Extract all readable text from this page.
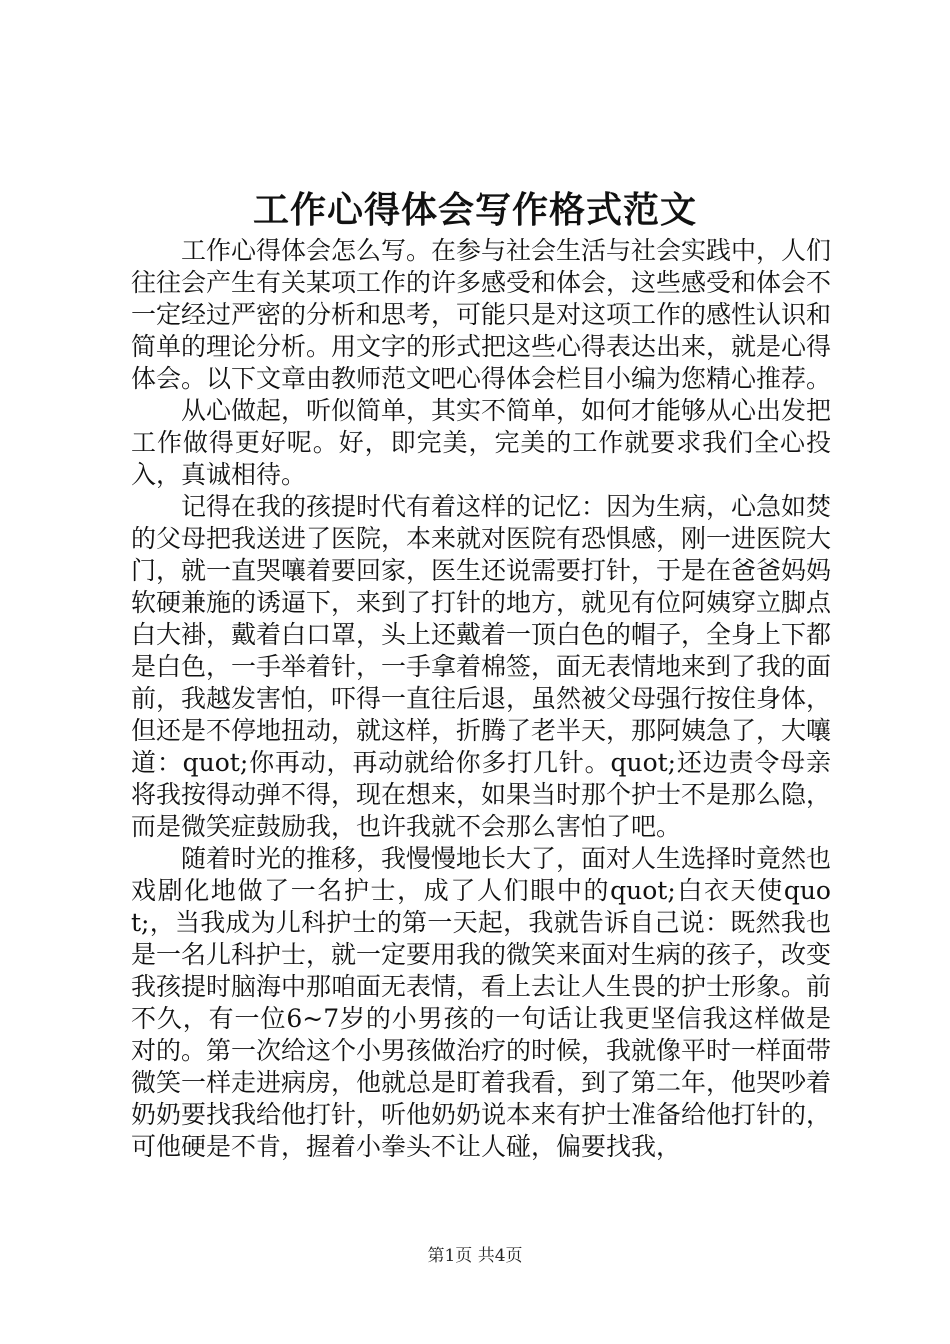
工作心得体会写作格式范文

工作心得体会怎么写。在参与社会生活与社会实践中，人们往往会产生有关某项工作的许多感受和体会，这些感受和体会不一定经过严密的分析和思考，可能只是对这项工作的感性认识和简单的理论分析。用文字的形式把这些心得表达出来，就是心得体会。以下文章由教师范文吧心得体会栏目小编为您精心推荐。

从心做起，听似简单，其实不简单，如何才能够从心出发把工作做得更好呢。好，即完美，完美的工作就要求我们全心投入，真诚相待。

记得在我的孩提时代有着这样的记忆：因为生病，心急如焚的父母把我送进了医院，本来就对医院有恐惧感，刚一进医院大门，就一直哭嚷着要回家，医生还说需要打针，于是在爸爸妈妈软硬兼施的诱逼下，来到了打针的地方，就见有位阿姨穿立脚点白大褂，戴着白口罩，头上还戴着一顶白色的帽子，全身上下都是白色，一手举着针，一手拿着棉签，面无表情地来到了我的面前，我越发害怕，吓得一直往后退，虽然被父母强行按住身体，但还是不停地扭动，就这样，折腾了老半天，那阿姨急了，大嚷道：quot;你再动，再动就给你多打几针。quot;还边责令母亲将我按得动弹不得，现在想来，如果当时那个护士不是那么隐，而是微笑症鼓励我，也许我就不会那么害怕了吧。

随着时光的推移，我慢慢地长大了，面对人生选择时竟然也戏剧化地做了一名护士，成了人们眼中的quot;白衣天使quot;，当我成为儿科护士的第一天起，我就告诉自己说：既然我也是一名儿科护士，就一定要用我的微笑来面对生病的孩子，改变我孩提时脑海中那咱面无表情，看上去让人生畏的护士形象。前不久，有一位6~7岁的小男孩的一句话让我更坚信我这样做是对的。第一次给这个小男孩做治疗的时候，我就像平时一样面带微笑一样走进病房，他就总是盯着我看，到了第二年，他哭吵着奶奶要找我给他打针，听他奶奶说本来有护士准备给他打针的，可他硬是不肯，握着小拳头不让人碰，偏要找我，

第1页 共4页
